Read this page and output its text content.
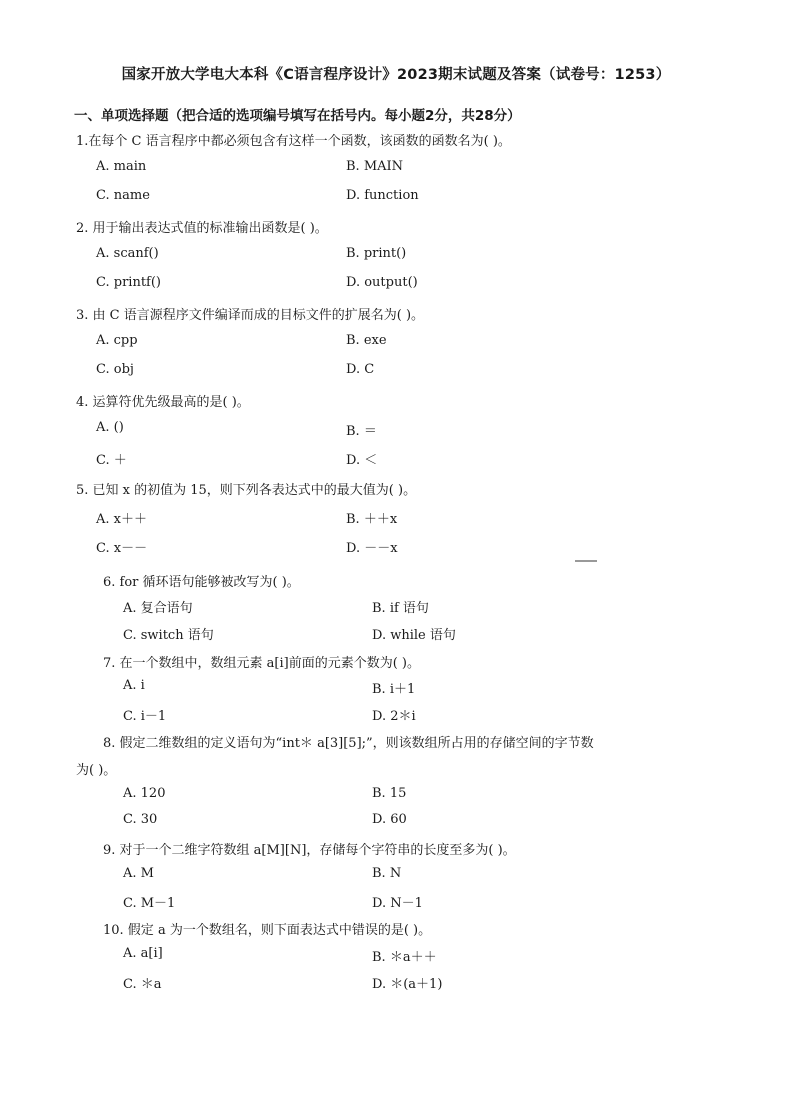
国家开放大学电大本科《C语言程序设计》2023期末试题及答案（试卷号：1253）
一、单项选择题（把合适的选项编号填写在括号内。每小题2分，共28分）
1.在每个 C 语言程序中都必须包含有这样一个函数，该函数的函数名为( )。
A. main	B. MAIN
C. name	D. function
2. 用于输出表达式值的标准输出函数是( )。
A. scanf()	B. print()
C. printf()	D. output()
3. 由 C 语言源程序文件编译而成的目标文件的扩展名为( )。
A. cpp	B. exe
C. obj	D. C
4. 运算符优先级最高的是( )。
A. ()	B. ＝
C. ＋	D. ＜
5. 已知 x 的初值为 15，则下列各表达式中的最大值为( )。
A. x＋＋	B. ＋＋x
C. x－－	D. －－x
6. for 循环语句能够被改写为( )。
A. 复合语句	B. if 语句
C. switch 语句	D. while 语句
7. 在一个数组中，数组元素 a[i]前面的元素个数为( )。
A. i	B. i＋1
C. i－1	D. 2＊i
8. 假定二维数组的定义语句为“int＊ a[3][5];”，则该数组所占用的存储空间的字节数
为( )。
A. 120	B. 15
C. 30	D. 60
9. 对于一个二维字符数组 a[M][N]，存储每个字符串的长度至多为( )。
A. M	B. N
C. M－1	D. N－1
10. 假定 a 为一个数组名，则下面表达式中错误的是( )。
A. a[i]	B. ＊a＋＋
C. ＊a	D. ＊(a＋1)
